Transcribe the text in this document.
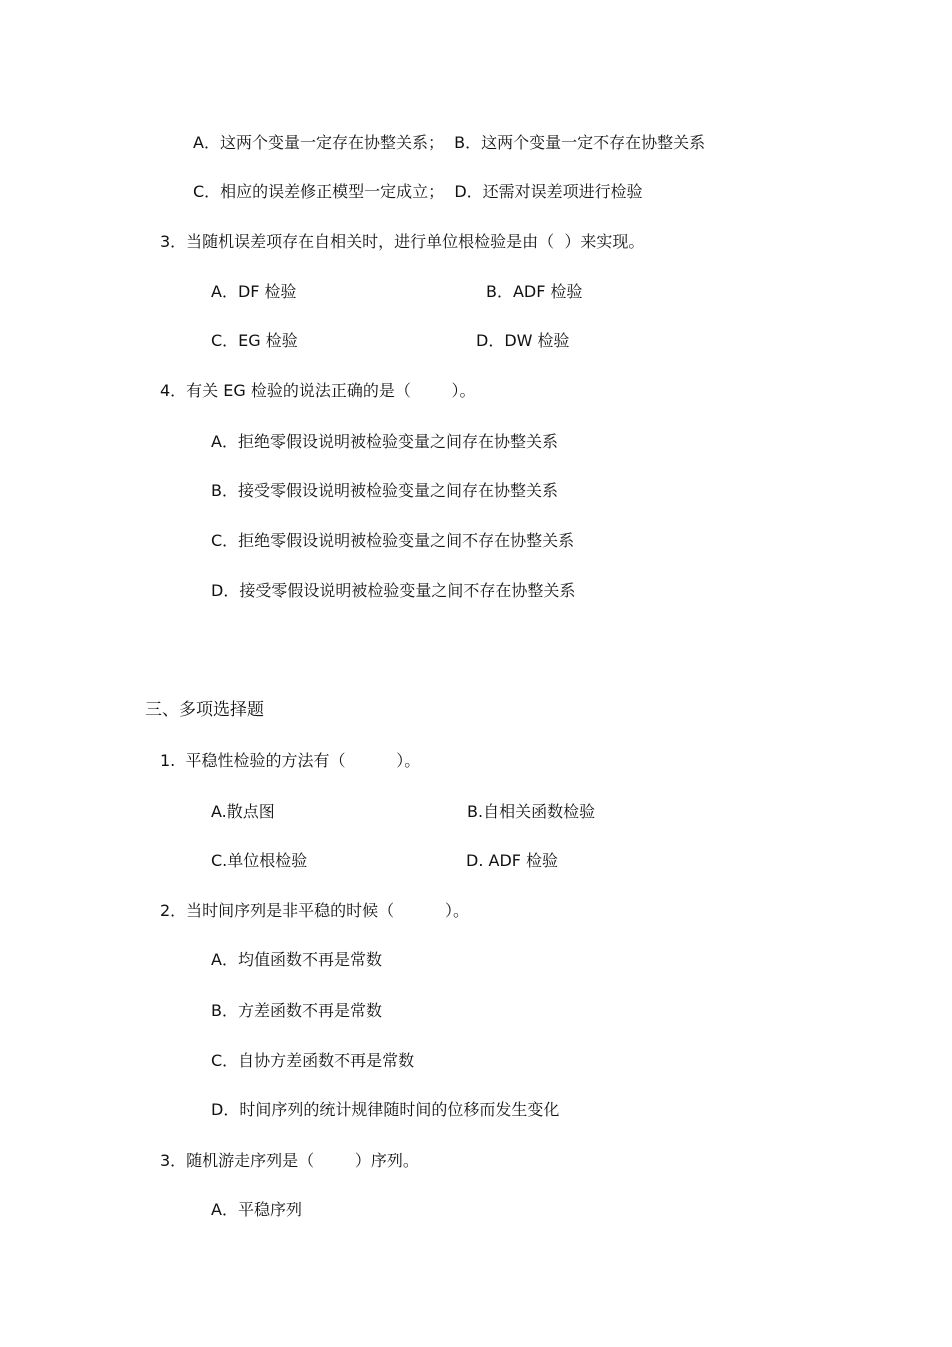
A．这两个变量一定存在协整关系；  B．这两个变量一定不存在协整关系
C．相应的误差修正模型一定成立；  D．还需对误差项进行检验
3．当随机误差项存在自相关时，进行单位根检验是由（  ）来实现。
A．DF 检验	B．ADF 检验
C．EG 检验	D．DW 检验
4．有关 EG 检验的说法正确的是（        ）。
A．拒绝零假设说明被检验变量之间存在协整关系
B．接受零假设说明被检验变量之间存在协整关系
C．拒绝零假设说明被检验变量之间不存在协整关系
D．接受零假设说明被检验变量之间不存在协整关系
三、多项选择题
1.  平稳性检验的方法有（          ）。
A.散点图	B.自相关函数检验
C.单位根检验	D. ADF 检验
2．当时间序列是非平稳的时候（          ）。
A．均值函数不再是常数
B．方差函数不再是常数
C．自协方差函数不再是常数
D．时间序列的统计规律随时间的位移而发生变化
3．随机游走序列是（        ）序列。
A．平稳序列
